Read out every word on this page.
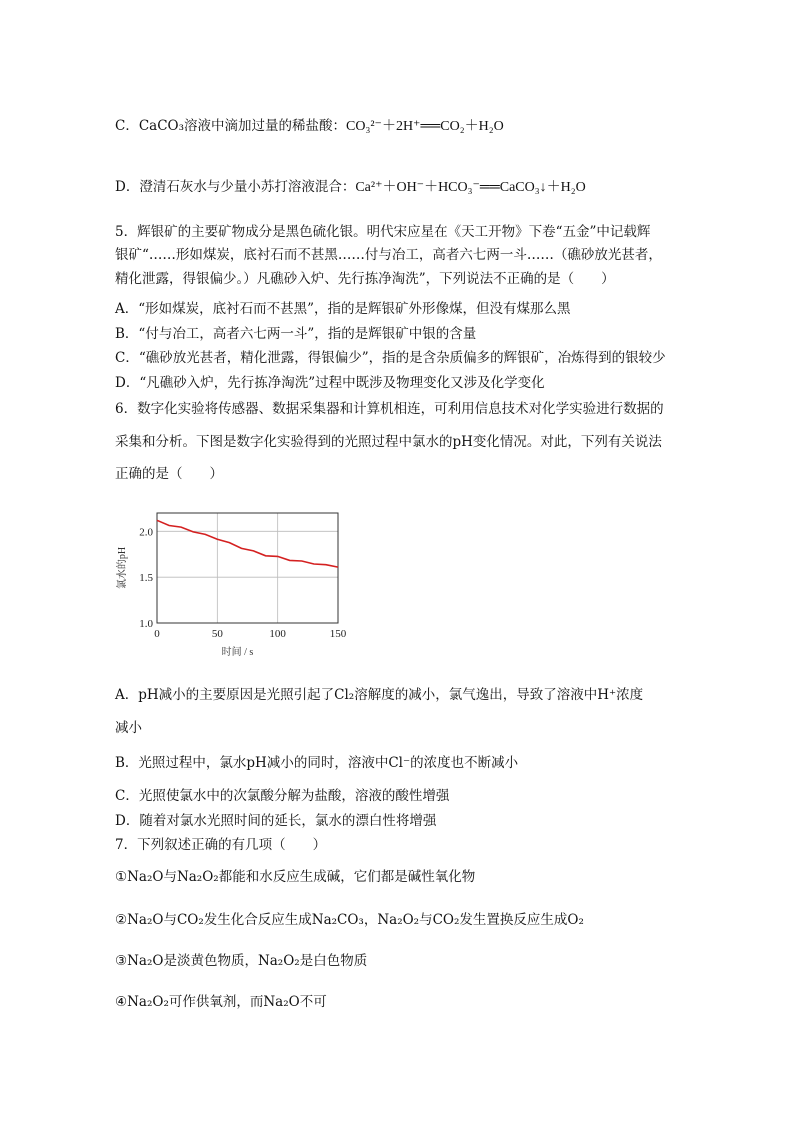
C．CaCO₃溶液中滴加过量的稀盐酸：CO₃²⁻＋2H⁺══CO₂＋H₂O
D．澄清石灰水与少量小苏打溶液混合：Ca²⁺＋OH⁻＋HCO₃⁻══CaCO₃↓＋H₂O
5．辉银矿的主要矿物成分是黑色硫化银。明代宋应星在《天工开物》下卷“五金”中记载辉
银矿“……形如煤炭，底衬石而不甚黑……付与冶工，高者六七两一斗……（礁砂放光甚者，
精化泄露，得银偏少。）凡礁砂入炉、先行拣净淘洗”，下列说法不正确的是（　　）
A．“形如煤炭，底衬石而不甚黑”，指的是辉银矿外形像煤，但没有煤那么黑
B．“付与冶工，高者六七两一斗”，指的是辉银矿中银的含量
C．“礁砂放光甚者，精化泄露，得银偏少”，指的是含杂质偏多的辉银矿，冶炼得到的银较少
D．“凡礁砂入炉，先行拣净淘洗”过程中既涉及物理变化又涉及化学变化
6．数字化实验将传感器、数据采集器和计算机相连，可利用信息技术对化学实验进行数据的
采集和分析。下图是数字化实验得到的光照过程中氯水的pH变化情况。对此，下列有关说法
正确的是（　　）
0	50	100	150
1.0
1.5
2.0
氯水的pH
时间 / s
A．pH减小的主要原因是光照引起了Cl₂溶解度的减小，氯气逸出，导致了溶液中H⁺浓度
减小
B．光照过程中，氯水pH减小的同时，溶液中Cl⁻的浓度也不断减小
C．光照使氯水中的次氯酸分解为盐酸，溶液的酸性增强
D．随着对氯水光照时间的延长，氯水的漂白性将增强
7．下列叙述正确的有几项（　　）
①Na₂O与Na₂O₂都能和水反应生成碱，它们都是碱性氧化物
②Na₂O与CO₂发生化合反应生成Na₂CO₃，Na₂O₂与CO₂发生置换反应生成O₂
③Na₂O是淡黄色物质，Na₂O₂是白色物质
④Na₂O₂可作供氧剂，而Na₂O不可
